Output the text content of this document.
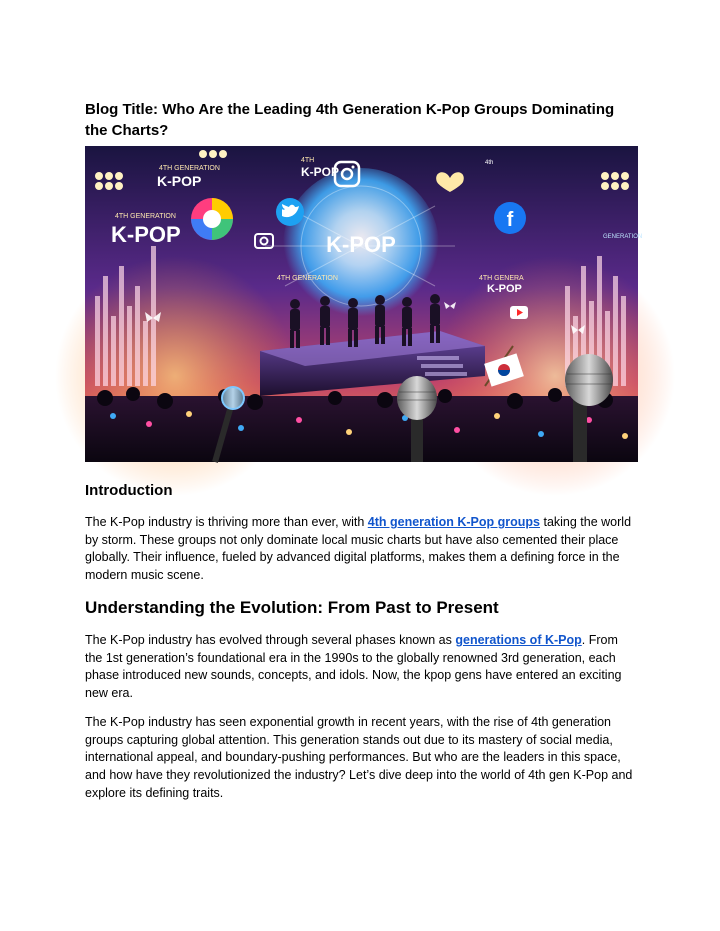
Blog Title: Who Are the Leading 4th Generation K-Pop Groups Dominating the Charts?
K-POP
4TH GENERATION
K-POP
4TH GENERATION
K-POP
4TH
K-POP
4TH GENERATION	4TH GENERA
K-POP
GENERATION
4th
f
Introduction

The K-Pop industry is thriving more than ever, with 4th generation K-Pop groups taking the world by storm. These groups not only dominate local music charts but have also cemented their place globally. Their influence, fueled by advanced digital platforms, makes them a defining force in the modern music scene.

Understanding the Evolution: From Past to Present

The K-Pop industry has evolved through several phases known as generations of K-Pop. From the 1st generation’s foundational era in the 1990s to the globally renowned 3rd generation, each phase introduced new sounds, concepts, and idols. Now, the kpop gens have entered an exciting new era.

The K-Pop industry has seen exponential growth in recent years, with the rise of 4th generation groups capturing global attention. This generation stands out due to its mastery of social media, international appeal, and boundary-pushing performances. But who are the leaders in this space, and how have they revolutionized the industry? Let’s dive deep into the world of 4th gen K-Pop and explore its defining traits.
